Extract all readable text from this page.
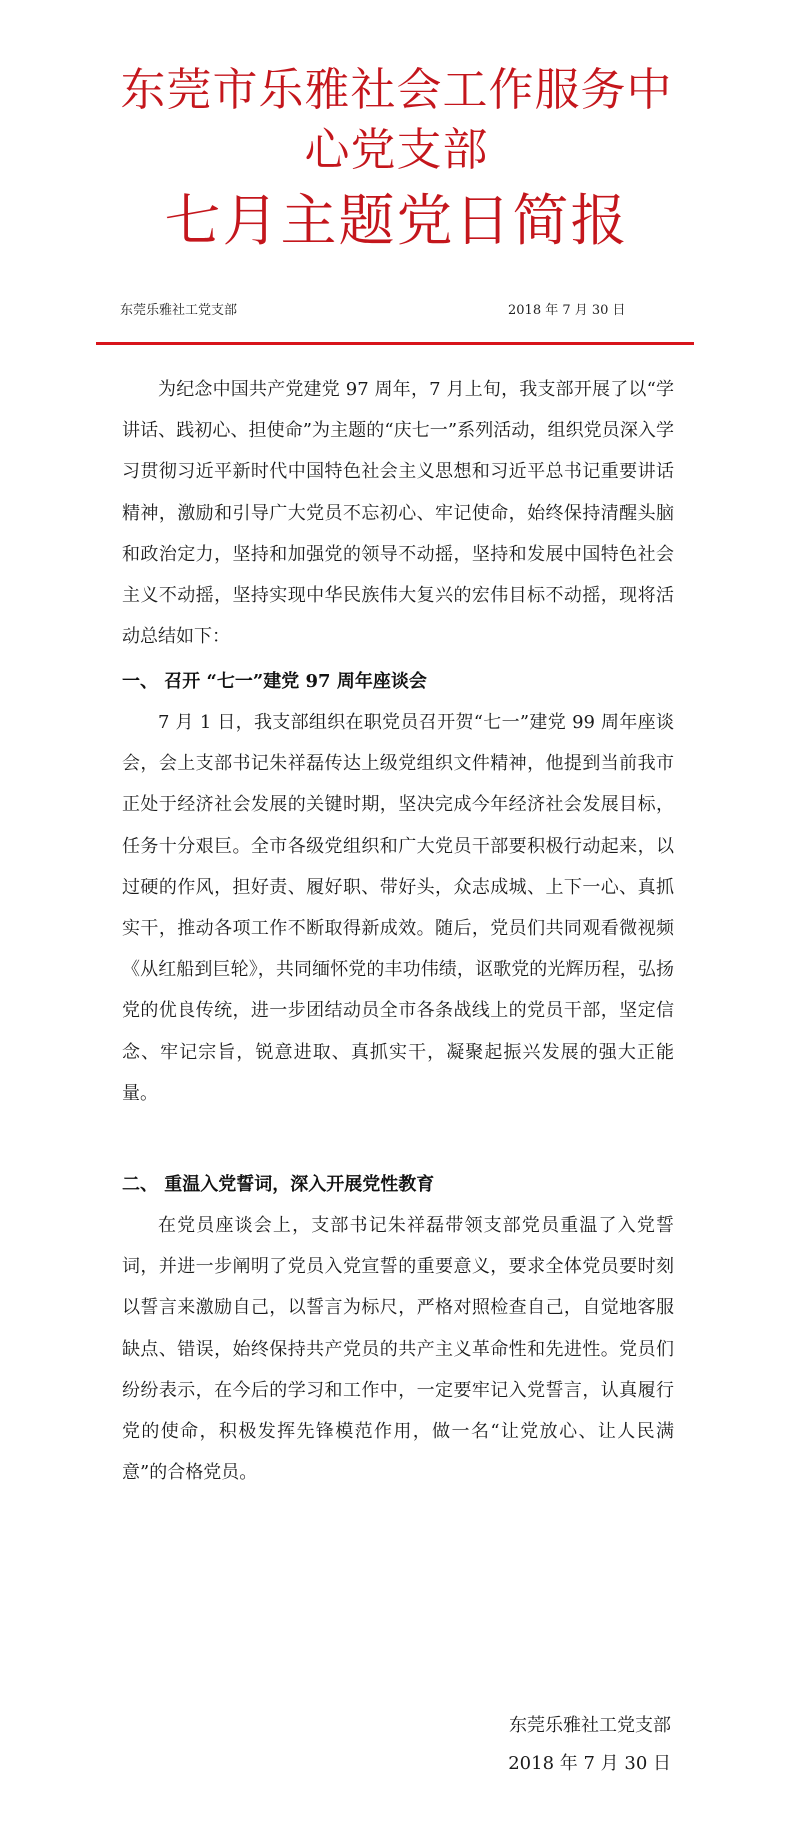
东莞市乐雅社会工作服务中
心党支部
七月主题党日简报
东莞乐雅社工党支部	2018 年 7 月 30 日

为纪念中国共产党建党 97 周年，7 月上旬，我支部开展了以“学讲话、践初心、担使命”为主题的“庆七一”系列活动，组织党员深入学习贯彻习近平新时代中国特色社会主义思想和习近平总书记重要讲话精神，激励和引导广大党员不忘初心、牢记使命，始终保持清醒头脑和政治定力，坚持和加强党的领导不动摇，坚持和发展中国特色社会主义不动摇，坚持实现中华民族伟大复兴的宏伟目标不动摇，现将活动总结如下：

一、 召开 “七一”建党 97 周年座谈会

7 月 1 日，我支部组织在职党员召开贺“七一”建党 99 周年座谈会，会上支部书记朱祥磊传达上级党组织文件精神，他提到当前我市正处于经济社会发展的关键时期，坚决完成今年经济社会发展目标，任务十分艰巨。全市各级党组织和广大党员干部要积极行动起来，以过硬的作风，担好责、履好职、带好头，众志成城、上下一心、真抓实干，推动各项工作不断取得新成效。随后，党员们共同观看微视频《从红船到巨轮》，共同缅怀党的丰功伟绩，讴歌党的光辉历程，弘扬党的优良传统，进一步团结动员全市各条战线上的党员干部，坚定信念、牢记宗旨，锐意进取、真抓实干，凝聚起振兴发展的强大正能量。

二、 重温入党誓词，深入开展党性教育

在党员座谈会上，支部书记朱祥磊带领支部党员重温了入党誓词，并进一步阐明了党员入党宣誓的重要意义，要求全体党员要时刻以誓言来激励自己，以誓言为标尺，严格对照检查自己，自觉地客服缺点、错误，始终保持共产党员的共产主义革命性和先进性。党员们纷纷表示，在今后的学习和工作中，一定要牢记入党誓言，认真履行党的使命，积极发挥先锋模范作用，做一名“让党放心、让人民满意”的合格党员。

东莞乐雅社工党支部
2018 年 7 月 30 日
